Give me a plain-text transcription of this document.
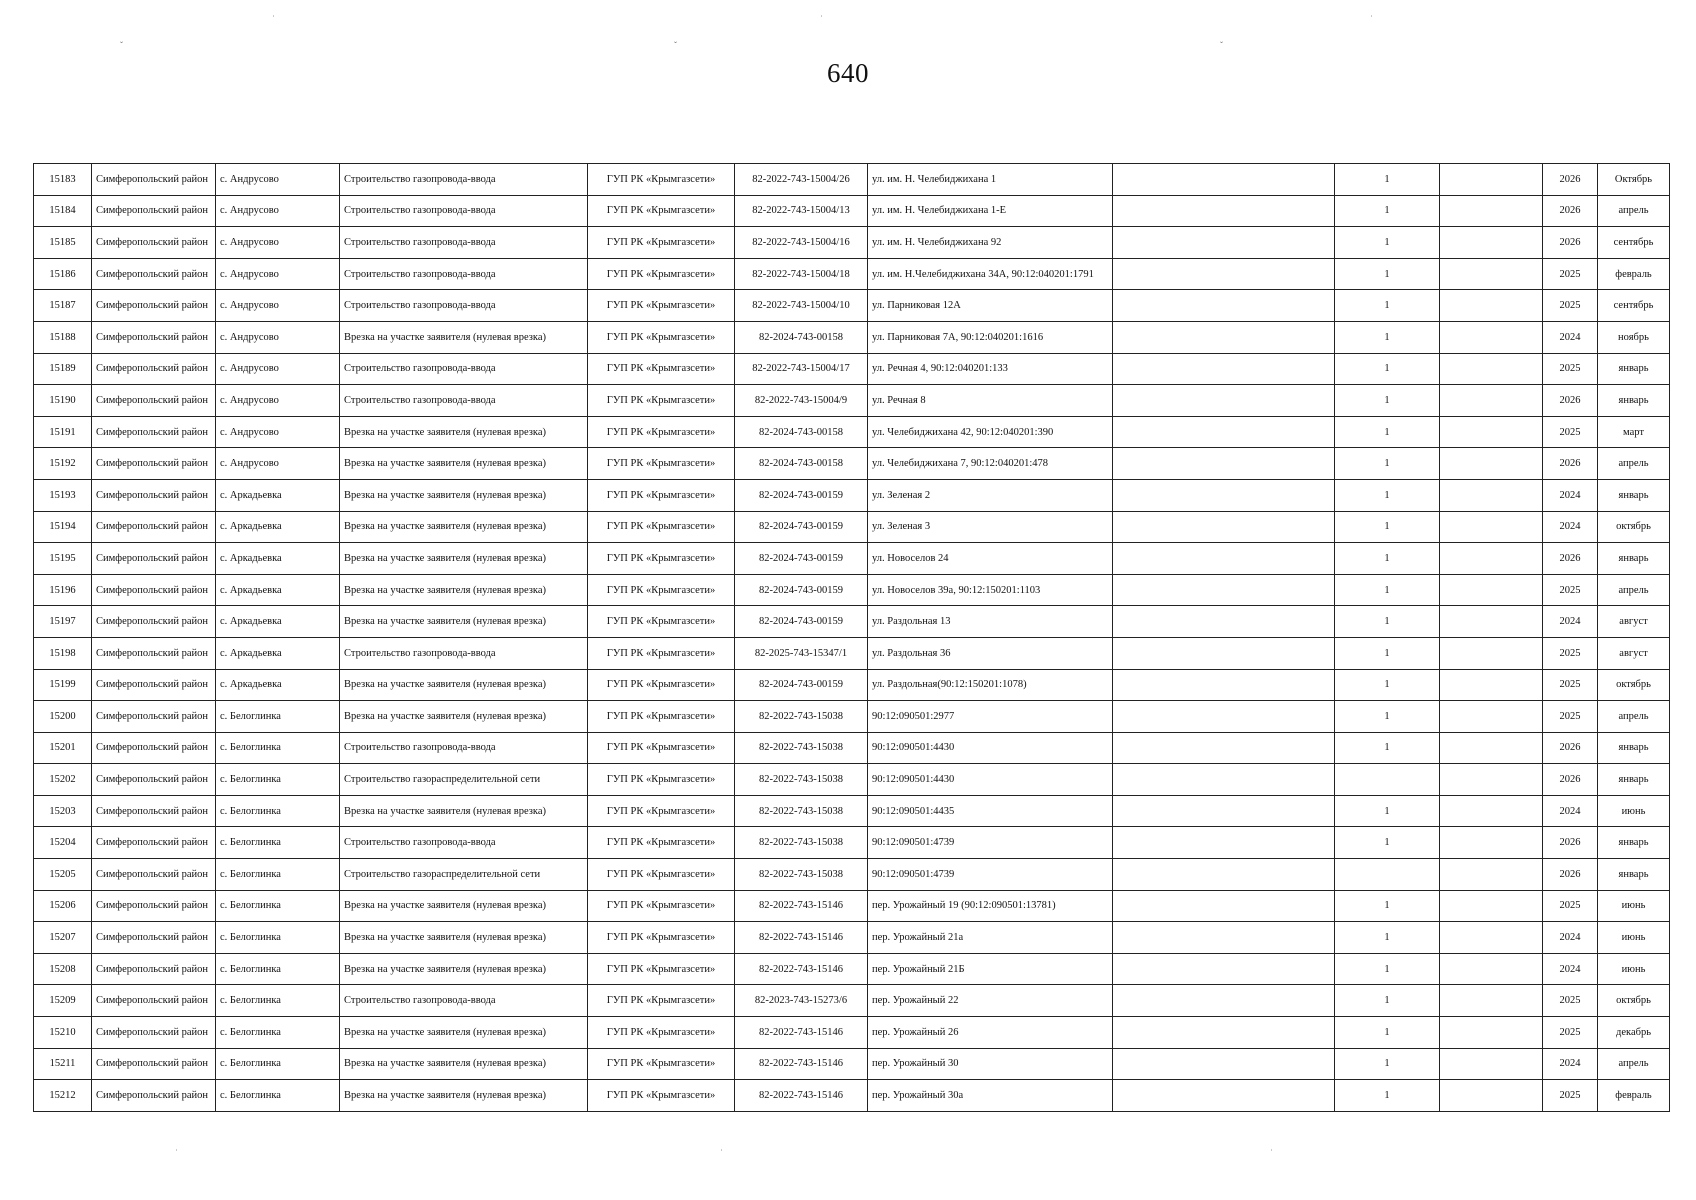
640
15183	Симферопольский район	с. Андрусово	Строительство газопровода-ввода	ГУП РК «Крымгазсети»	82-2022-743-15004/26	ул. им. Н. Челебиджихана 1		1		2026	Октябрь
15184	Симферопольский район	с. Андрусово	Строительство газопровода-ввода	ГУП РК «Крымгазсети»	82-2022-743-15004/13	ул. им. Н. Челебиджихана 1-Е		1		2026	апрель
15185	Симферопольский район	с. Андрусово	Строительство газопровода-ввода	ГУП РК «Крымгазсети»	82-2022-743-15004/16	ул. им. Н. Челебиджихана 92		1		2026	сентябрь
15186	Симферопольский район	с. Андрусово	Строительство газопровода-ввода	ГУП РК «Крымгазсети»	82-2022-743-15004/18	ул. им. Н.Челебиджихана 34А, 90:12:040201:1791		1		2025	февраль
15187	Симферопольский район	с. Андрусово	Строительство газопровода-ввода	ГУП РК «Крымгазсети»	82-2022-743-15004/10	ул. Парниковая 12А		1		2025	сентябрь
15188	Симферопольский район	с. Андрусово	Врезка на участке заявителя (нулевая врезка)	ГУП РК «Крымгазсети»	82-2024-743-00158	ул. Парниковая 7А, 90:12:040201:1616		1		2024	ноябрь
15189	Симферопольский район	с. Андрусово	Строительство газопровода-ввода	ГУП РК «Крымгазсети»	82-2022-743-15004/17	ул. Речная 4, 90:12:040201:133		1		2025	январь
15190	Симферопольский район	с. Андрусово	Строительство газопровода-ввода	ГУП РК «Крымгазсети»	82-2022-743-15004/9	ул. Речная 8		1		2026	январь
15191	Симферопольский район	с. Андрусово	Врезка на участке заявителя (нулевая врезка)	ГУП РК «Крымгазсети»	82-2024-743-00158	ул. Челебиджихана 42, 90:12:040201:390		1		2025	март
15192	Симферопольский район	с. Андрусово	Врезка на участке заявителя (нулевая врезка)	ГУП РК «Крымгазсети»	82-2024-743-00158	ул. Челебиджихана 7, 90:12:040201:478		1		2026	апрель
15193	Симферопольский район	с. Аркадьевка	Врезка на участке заявителя (нулевая врезка)	ГУП РК «Крымгазсети»	82-2024-743-00159	ул. Зеленая 2		1		2024	январь
15194	Симферопольский район	с. Аркадьевка	Врезка на участке заявителя (нулевая врезка)	ГУП РК «Крымгазсети»	82-2024-743-00159	ул. Зеленая 3		1		2024	октябрь
15195	Симферопольский район	с. Аркадьевка	Врезка на участке заявителя (нулевая врезка)	ГУП РК «Крымгазсети»	82-2024-743-00159	ул. Новоселов 24		1		2026	январь
15196	Симферопольский район	с. Аркадьевка	Врезка на участке заявителя (нулевая врезка)	ГУП РК «Крымгазсети»	82-2024-743-00159	ул. Новоселов 39а, 90:12:150201:1103		1		2025	апрель
15197	Симферопольский район	с. Аркадьевка	Врезка на участке заявителя (нулевая врезка)	ГУП РК «Крымгазсети»	82-2024-743-00159	ул. Раздольная 13		1		2024	август
15198	Симферопольский район	с. Аркадьевка	Строительство газопровода-ввода	ГУП РК «Крымгазсети»	82-2025-743-15347/1	ул. Раздольная 36		1		2025	август
15199	Симферопольский район	с. Аркадьевка	Врезка на участке заявителя (нулевая врезка)	ГУП РК «Крымгазсети»	82-2024-743-00159	ул. Раздольная(90:12:150201:1078)		1		2025	октябрь
15200	Симферопольский район	с. Белоглинка	Врезка на участке заявителя (нулевая врезка)	ГУП РК «Крымгазсети»	82-2022-743-15038	90:12:090501:2977		1		2025	апрель
15201	Симферопольский район	с. Белоглинка	Строительство газопровода-ввода	ГУП РК «Крымгазсети»	82-2022-743-15038	90:12:090501:4430		1		2026	январь
15202	Симферопольский район	с. Белоглинка	Строительство газораспределительной сети	ГУП РК «Крымгазсети»	82-2022-743-15038	90:12:090501:4430				2026	январь
15203	Симферопольский район	с. Белоглинка	Врезка на участке заявителя (нулевая врезка)	ГУП РК «Крымгазсети»	82-2022-743-15038	90:12:090501:4435		1		2024	июнь
15204	Симферопольский район	с. Белоглинка	Строительство газопровода-ввода	ГУП РК «Крымгазсети»	82-2022-743-15038	90:12:090501:4739		1		2026	январь
15205	Симферопольский район	с. Белоглинка	Строительство газораспределительной сети	ГУП РК «Крымгазсети»	82-2022-743-15038	90:12:090501:4739				2026	январь
15206	Симферопольский район	с. Белоглинка	Врезка на участке заявителя (нулевая врезка)	ГУП РК «Крымгазсети»	82-2022-743-15146	пер. Урожайный 19 (90:12:090501:13781)		1		2025	июнь
15207	Симферопольский район	с. Белоглинка	Врезка на участке заявителя (нулевая врезка)	ГУП РК «Крымгазсети»	82-2022-743-15146	пер. Урожайный 21а		1		2024	июнь
15208	Симферопольский район	с. Белоглинка	Врезка на участке заявителя (нулевая врезка)	ГУП РК «Крымгазсети»	82-2022-743-15146	пер. Урожайный 21Б		1		2024	июнь
15209	Симферопольский район	с. Белоглинка	Строительство газопровода-ввода	ГУП РК «Крымгазсети»	82-2023-743-15273/6	пер. Урожайный 22		1		2025	октябрь
15210	Симферопольский район	с. Белоглинка	Врезка на участке заявителя (нулевая врезка)	ГУП РК «Крымгазсети»	82-2022-743-15146	пер. Урожайный 26		1		2025	декабрь
15211	Симферопольский район	с. Белоглинка	Врезка на участке заявителя (нулевая врезка)	ГУП РК «Крымгазсети»	82-2022-743-15146	пер. Урожайный 30		1		2024	апрель
15212	Симферопольский район	с. Белоглинка	Врезка на участке заявителя (нулевая врезка)	ГУП РК «Крымгазсети»	82-2022-743-15146	пер. Урожайный 30а		1		2025	февраль
ˇ
˙
ˇ
˙
ˇ
˙
˙	˙	˙
